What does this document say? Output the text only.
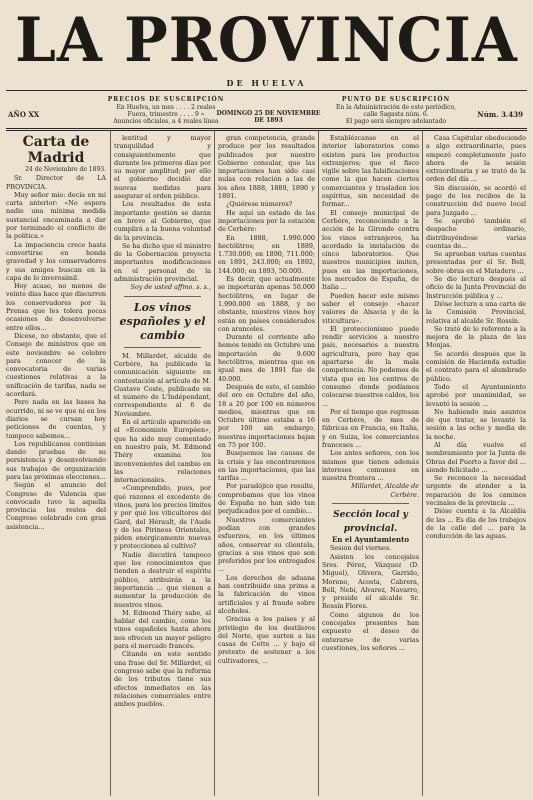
LA PROVINCIA
DE HUELVA
AÑO XX
PRECIOS DE SUSCRIPCIÓN
En Huelva, un mes . . . . 2 reales
Fuera, trimestre . . . . 9 »
Anuncios oficiales, a 4 reales línea
DOMINGO 25 DE NOVIEMBRE DE 1893
PUNTO DE SUSCRIPCIÓN
En la Administración de este periódico,
calle Sagasta núm. 6.
El pago será siempre adelantado
Núm. 3.439

Carta de Madrid

24 de Noviembre de 1893.

Sr. Director de LA PROVINCIA.

Muy señor mío: decía en mi carta anterior: «No espera nadie una mínima medida sustancial encaminada a dar por terminado el conflicto de la política.»

La impaciencia crece hasta convertirse en honda gravedad y los conservadores y sus amigos buscan en la capa de lo inverosímil.

Hoy acaso, no menos de veinte días hace que discurren los conservadores por la Prensa que les tolera pocas ocasiones de desenvolverse entre ellos...

Dícese, no obstante, que el Consejo de ministros que en este noviembre se celebre para conocer de la convocatoria de varias cuestiones relativas a la unificación de tarifas, nada se acordará.

Pero nada en las bases ha ocurrido, ni se ve que ni en los diarios se cursan hoy peticiones de cuentas, y tampoco sabemos...

Los republicanos continúan dando pruebas de su persistencia y desenvolviendo sus trabajos de organización para las próximas elecciones...

Según el anuncio del Congreso de Valencia que convocado tuvo la aquella provincia los restos del Congreso celebrado con gran asistencia...

lentitud y mayor tranquilidad y consiguientemente que durante los primeros días por su mayor amplitud; por ello el gobierno decidió dar nuevas medidas para asegurar el orden público.

Los resultados de esta importante gestión se darán en breve al Gobierno, que cumplirá a la buena voluntad de la provincia.

Se ha dicho que el ministro de la Gobernación proyecta importantes modificaciones en el personal de la administración provincial.

Soy de usted affmo. s. s.,

Los vinos españoles y el cambio

M. Millardet, alcalde de Cerbère, ha publicado la comunicación siguiente en contestación al artículo de M. Gustave Coste, publicado en el número de L'Indépendant, correspondiente al 6 de Noviembre.

En el artículo aparecido en el «Economiste Européen», que ha sido muy comentado en nuestro país, M. Edmond Théry examina los inconvenientes del cambio en las relaciones internacionales.

«Comprendido, pues, por qué razones el excedente de vinos, para los precios límites y por qué los viticultores del Gard, del Hérault, de l'Aude y de los Pirineos Orientales, piden enérgicamente nuevas y protecciones al cultivo?

Nadie discutirá tampoco que los conocimientos que tienden a destruir el espíritu público, atribuirán a la importancia ... que vienen a aumentar la producción de nuestros vinos.

M. Edmond Théry sabe, al hablar del cambio, como los vinos españoles hasta ahora nos ofrecen un mayor peligro para el mercado francés.

Citando en este sentido una frase del Sr. Millardet, el congreso sabe que la reforma de los tributos tiene sus efectos inmediatos en las relaciones comerciales entre ambos pueblos.

gran competencia, grande produce por los resultados publicados por nuestro Gobierno consular, que las importaciones han sido casi nulas con relación a las de los años 1888, 1889, 1890 y 1891.

¿Quiérese números?

He aquí un estado de las importaciones por la estación de Cerbère:

En 1888, 1.990.000 hectólitros; en 1889, 1.730.000; en 1890, 711.000; en 1891, 243.000; en 1892, 144.000; en 1893, 50.000.

Es decir, que actualmente se importarán apenas 50.000 hectólitros, en lugar de 1.990.000 en 1888, y no obstante, nuestros vinos hoy están en países considerados con aranceles.

Durante el corriente año hemos tenido en Octubre una importación de 9.600 hectólitros, mientras que en igual mes de 1891 fue de 40.000.

Después de esto, el cambio del oro en Octubre del año, 18 a 20 por 100 en números medios, mientras que en Octubre último estaba a 16 por 100 sin embargo, nuestras importaciones bajan en 75 por 100.

Busquemos las causas de la crisis y las encontraremos en las importaciones, que las tarifas ...

Por paradójico que resulte, comprobamos que los vinos de España no han sido tan perjudicados por el cambio...

Nuestros comerciantes podían con grandes esfuerzos, en los últimos años, conservar su clientela, gracias a sus vinos que son preferidos por los entregados ...

Los derechos de aduana han contribuido una prima a la fabricación de vinos artificiales y al fraude sobre alcoholes.

Gracias a los países y al privilegio de los destileros del Norte, que surten a las casas de Cette ... y bajo el pretexto de sostener a los cultivadores, ...

Establézcanse en el interior laboratorios como existen para los productos extranjeros; que el fisco vigile sobre las falsificaciones como la que hacen ciertos comerciantes y trasladen los espíritus, sin necesidad de formar...

El consejo municipal de Cerbère, reconociendo a la acción de la Gironde contra los vinos extranjeros, ha acordado la instalación de cinco laboratorios. Que nuestros municipios imiten, pues en las importaciones, los mercados de España, de Italia ...

Pueden hacer este mismo saber el consejo «hacer valores de Alsacia y de la viticultura».

El proteccionismo puede rendir servicios a nuestro país, necesarios a nuestra agricultura, pero hay que apartarse de la mala competencia. No podemos de vista que en los centros de consumo donde podíamos colocarse nuestros caldos, los ...

Por el tiempo que regresan en Cerbère, de mes de fábricas en Francia, en Italia, y en Suiza, los comerciantes franceses ...

Los antes señores, con los mismos que tienen además intereses comunes en nuestra frontera ...

Millardet, Alcalde de Cerbère.

Sección local y provincial.

En el Ayuntamiento

Sesión del viernes.

Asisten los concejales Sres. Pérez, Vázquez (D. Miguel), Olivera, Garrido, Moreno, Acosta, Cabrera, Bell, Nebi, Alvarez, Navarro, y preside el alcalde Sr. Rossín Flores.

Como algunos de los concejales presentes han expuesto el deseo de enterarse de varias cuestiones, los señores ...

Casa Capitular obedeciendo a algo extraordinario, pues empezó completamente justo ahora de la sesión extraordinaria y se trató de la orden del día ...

Sin discusión, se acordó el pago de los recibos de la construcción del nuevo local para Juzgado ...

Se aprobó también el despacho ordinario, distribuyéndose varias cuentas de...

Se aprueban varias cuentas presentadas por el Sr. Bell, sobre obras en el Matadero ...

Se dio lectura después al oficio de la Junta Provincial de Instrucción pública y ...

Dióse lectura a una carta de la Comisión Provincial, relativa al alcalde Sr. Rossín.

Se trató de lo referente a la mejora de la plaza de las Monjas.

Se acordó después que la comisión de Hacienda estudie el contrato para el alumbrado público.

Todo el Ayuntamiento aprobó por unanimidad, se levantó la sesión ...

No habiendo más asuntos de que tratar, se levantó la sesión a las ocho y media de la noche.

Al día vuelve el nombramiento por la Junta de Obras del Puerto a favor del ... siendo felicitado ...

Se reconoce la necesidad urgente de atender a la reparación de los caminos vecinales de la provincia ...

Dióse cuenta a la Alcaldía de las ... Es día de los trabajos de la calle del ... para la conducción de las aguas.
